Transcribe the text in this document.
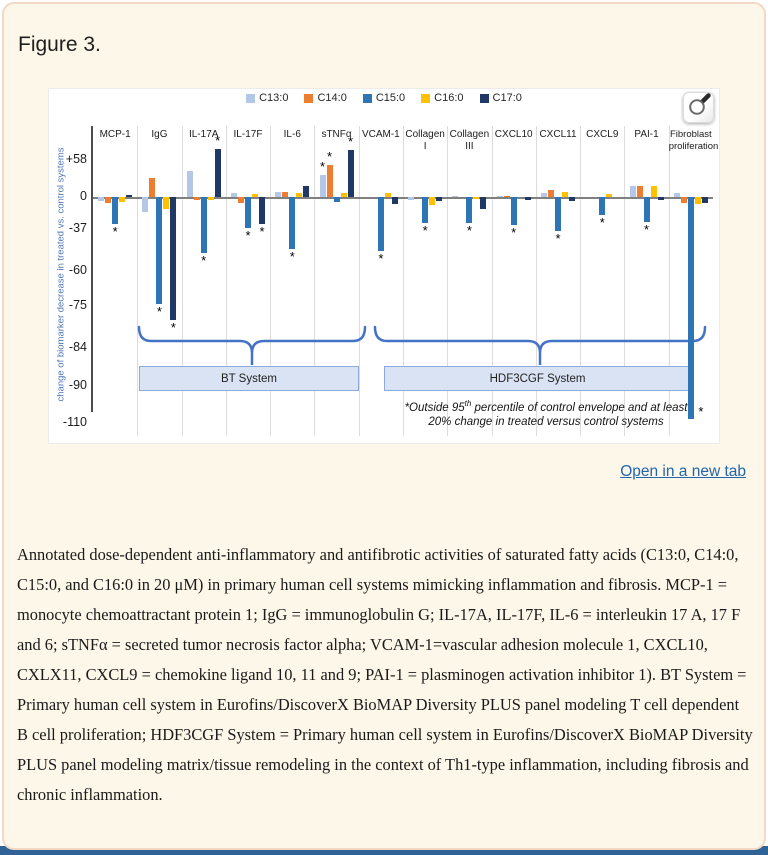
Figure 3.
C13:0	C14:0	C15:0	C16:0	C17:0
change of biomarker decrease in treated vs. control systems +58
0
-37
-60
-75
-84
-90
-110
MCP-1	IgG	IL-17A	IL-17F	IL-6	sTNFα	VCAM-1 Collagen I
Collagen III
CXCL10 CXCL11 CXCL9	PAI-1	Fibroblast proliferation
BT System	HDF3CGF System
*Outside 95th percentile of control envelope and at least
20% change in treated versus control systems
*
*
*
*
*
* *
*
*
*
*
*
*	*	*	*
*	*
*
Open in a new tab

Annotated dose-dependent anti-inflammatory and antifibrotic activities of saturated fatty acids (C13:0, C14:0, C15:0, and C16:0 in 20 μM) in primary human cell systems mimicking inflammation and fibrosis. MCP-1 = monocyte chemoattractant protein 1; IgG = immunoglobulin G; IL-17A, IL-17F, IL-6 = interleukin 17 A, 17 F and 6; sTNFα = secreted tumor necrosis factor alpha; VCAM-1=vascular adhesion molecule 1, CXCL10, CXLX11, CXCL9 = chemokine ligand 10, 11 and 9; PAI-1 = plasminogen activation inhibitor 1). BT System = Primary human cell system in Eurofins/DiscoverX BioMAP Diversity PLUS panel modeling T cell dependent B cell proliferation; HDF3CGF System = Primary human cell system in Eurofins/DiscoverX BioMAP Diversity PLUS panel modeling matrix/tissue remodeling in the context of Th1-type inflammation, including fibrosis and chronic inflammation.
